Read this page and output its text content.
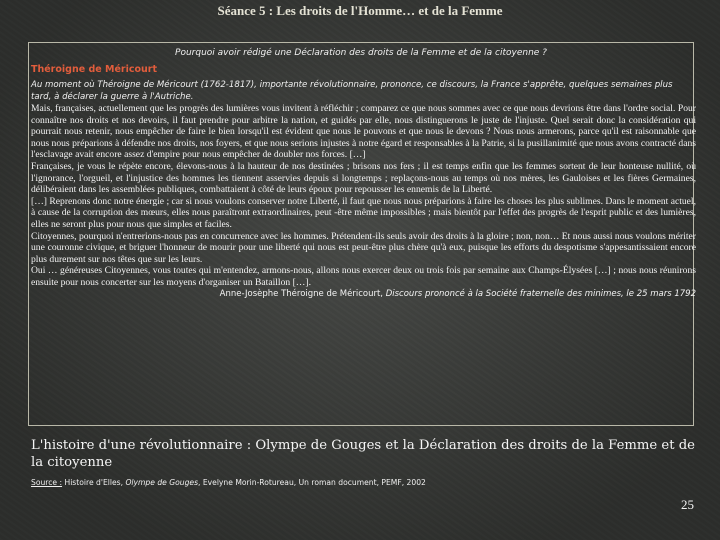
Séance 5 : Les droits de l'Homme… et de la Femme
Pourquoi avoir rédigé une Déclaration des droits de la Femme et de la citoyenne ?
Théroigne de Méricourt
Au moment où Théroigne de Méricourt (1762-1817), importante révolutionnaire, prononce, ce discours, la France s'apprête, quelques semaines plus tard, à déclarer la guerre à l'Autriche.

Mais, françaises, actuellement que les progrès des lumières vous invitent à réfléchir ; comparez ce que nous sommes avec ce que nous devrions être dans l'ordre social. Pour connaître nos droits et nos devoirs, il faut prendre pour arbitre la nation, et guidés par elle, nous distinguerons le juste de l'injuste. Quel serait donc la considération qui pourrait nous retenir, nous empêcher de faire le bien lorsqu'il est évident que nous le pouvons et que nous le devons ? Nous nous armerons, parce qu'il est raisonnable que nous nous préparions à défendre nos droits, nos foyers, et que nous serions injustes à notre égard et responsables à la Patrie, si la pusillanimité que nous avons contracté dans l'esclavage avait encore assez d'empire pour nous empêcher de doubler nos forces. […]

Françaises, je vous le répète encore, élevons-nous à la hauteur de nos destinées ; brisons nos fers ; il est temps enfin que les femmes sortent de leur honteuse nullité, où l'ignorance, l'orgueil, et l'injustice des hommes les tiennent asservies depuis si longtemps ; replaçons-nous au temps où nos mères, les Gauloises et les fières Germaines, délibéraient dans les assemblées publiques, combattaient à côté de leurs époux pour repousser les ennemis de la Liberté.

[…] Reprenons donc notre énergie ; car si nous voulons conserver notre Liberté, il faut que nous nous préparions à faire les choses les plus sublimes. Dans le moment actuel, à cause de la corruption des mœurs, elles nous paraîtront extraordinaires, peut -être même impossibles ; mais bientôt par l'effet des progrès de l'esprit public et des lumières, elles ne seront plus pour nous que simples et faciles.

Citoyennes, pourquoi n'entrerions-nous pas en concurrence avec les hommes. Prétendent-ils seuls avoir des droits à la gloire ; non, non… Et nous aussi nous voulons mériter une couronne civique, et briguer l'honneur de mourir pour une liberté qui nous est peut-être plus chère qu'à eux, puisque les efforts du despotisme s'appesantissaient encore plus durement sur nos têtes que sur les leurs.

Oui … généreuses Citoyennes, vous toutes qui m'entendez, armons-nous, allons nous exercer deux ou trois fois par semaine aux Champs-Élysées […] ; nous nous réunirons ensuite pour nous concerter sur les moyens d'organiser un Bataillon […].

Anne-Josèphe Théroigne de Méricourt, Discours prononcé à la Société fraternelle des minimes, le 25 mars 1792

L'histoire d'une révolutionnaire : Olympe de Gouges et la Déclaration des droits de la Femme et de la citoyenne
Source : Histoire d'Elles, Olympe de Gouges, Evelyne Morin-Rotureau, Un roman document, PEMF, 2002
25
